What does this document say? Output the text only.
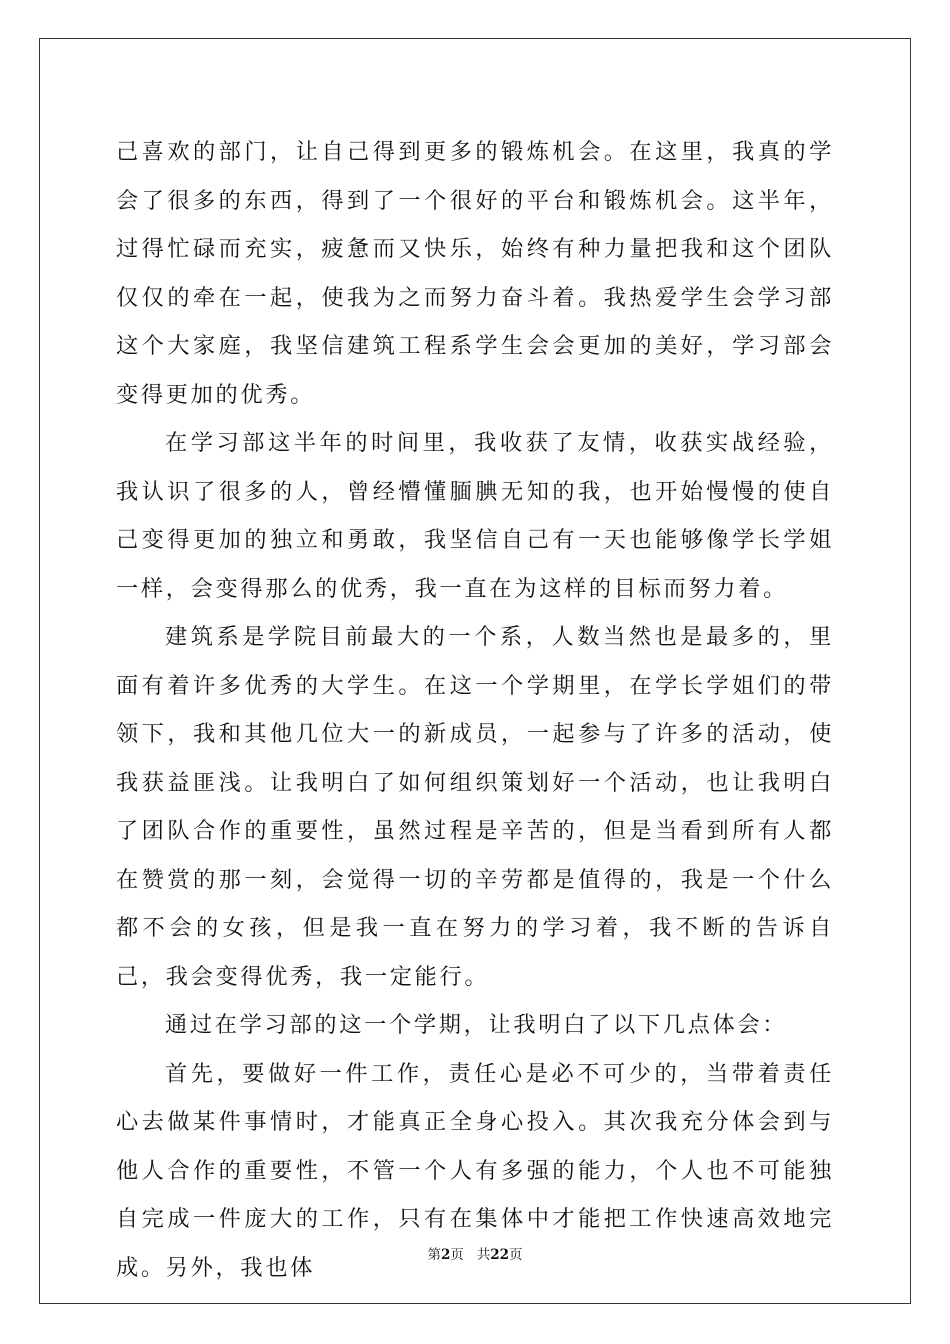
己喜欢的部门，让自己得到更多的锻炼机会。在这里，我真的学会了很多的东西，得到了一个很好的平台和锻炼机会。这半年，过得忙碌而充实，疲惫而又快乐，始终有种力量把我和这个团队仅仅的牵在一起，使我为之而努力奋斗着。我热爱学生会学习部这个大家庭，我坚信建筑工程系学生会会更加的美好，学习部会变得更加的优秀。

在学习部这半年的时间里，我收获了友情，收获实战经验，我认识了很多的人，曾经懵懂腼腆无知的我，也开始慢慢的使自己变得更加的独立和勇敢，我坚信自己有一天也能够像学长学姐一样，会变得那么的优秀，我一直在为这样的目标而努力着。

建筑系是学院目前最大的一个系，人数当然也是最多的，里面有着许多优秀的大学生。在这一个学期里，在学长学姐们的带领下，我和其他几位大一的新成员，一起参与了许多的活动，使我获益匪浅。让我明白了如何组织策划好一个活动，也让我明白了团队合作的重要性，虽然过程是辛苦的，但是当看到所有人都在赞赏的那一刻，会觉得一切的辛劳都是值得的，我是一个什么都不会的女孩，但是我一直在努力的学习着，我不断的告诉自己，我会变得优秀，我一定能行。

通过在学习部的这一个学期，让我明白了以下几点体会：

首先，要做好一件工作，责任心是必不可少的，当带着责任心去做某件事情时，才能真正全身心投入。其次我充分体会到与他人合作的重要性，不管一个人有多强的能力，个人也不可能独自完成一件庞大的工作，只有在集体中才能把工作快速高效地完成。另外，我也体	第2页 共22页
